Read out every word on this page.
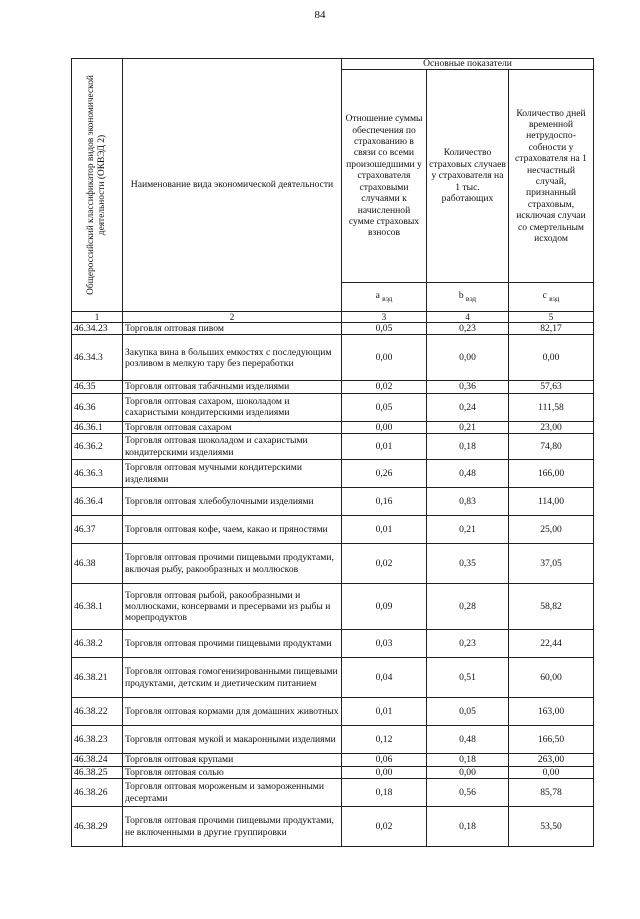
84
Общероссийский классификатор видов экономической деятельности (ОКВЭД 2)	Наименование вида экономической деятельности	Основные показатели		
		Отношение суммы обеспечения по страхованию в связи со всеми произошедшими у страхователя страховыми случаями к начисленной сумме страховых взносов	Количество страховых случаев у страхователя на 1 тыс. работающих	Количество дней временной нетрудоспо-собности у страхователя на 1 несчастный случай, признанный страховым, исключая случаи со смертельным исходом
		a $_{вэд}$	b $_{вэд}$	c $_{вэд}$
1	2	3	4	5
46.34.23	Торговля оптовая пивом	0,05	0,23	82,17
46.34.3	Закупка вина в больших емкостях с последующим розливом в мелкую тару без переработки	0,00	0,00	0,00
46.35	Торговля оптовая табачными изделиями	0,02	0,36	57,63
46.36	Торговля оптовая сахаром, шоколадом и сахаристыми кондитерскими изделиями	0,05	0,24	111,58
46.36.1	Торговля оптовая сахаром	0,00	0,21	23,00
46.36.2	Торговля оптовая шоколадом и сахаристыми кондитерскими изделиями	0,01	0,18	74,80
46.36.3	Торговля оптовая мучными кондитерскими изделиями	0,26	0,48	166,00
46.36.4	Торговля оптовая хлебобулочными изделиями	0,16	0,83	114,00
46.37	Торговля оптовая кофе, чаем, какао и пряностями	0,01	0,21	25,00
46.38	Торговля оптовая прочими пищевыми продуктами, включая рыбу, ракообразных и моллюсков	0,02	0,35	37,05
46.38.1	Торговля оптовая рыбой, ракообразными и моллюсками, консервами и пресервами из рыбы и морепродуктов	0,09	0,28	58,82
46.38.2	Торговля оптовая прочими пищевыми продуктами	0,03	0,23	22,44
46.38.21	Торговля оптовая гомогенизированными пищевыми продуктами, детским и диетическим питанием	0,04	0,51	60,00
46.38.22	Торговля оптовая кормами для домашних животных	0,01	0,05	163,00
46.38.23	Торговля оптовая мукой и макаронными изделиями	0,12	0,48	166,50
46.38.24	Торговля оптовая крупами	0,06	0,18	263,00
46.38.25	Торговля оптовая солью	0,00	0,00	0,00
46.38.26	Торговля оптовая мороженым и замороженными десертами	0,18	0,56	85,78
46.38.29	Торговля оптовая прочими пищевыми продуктами, не включенными в другие группировки	0,02	0,18	53,50
